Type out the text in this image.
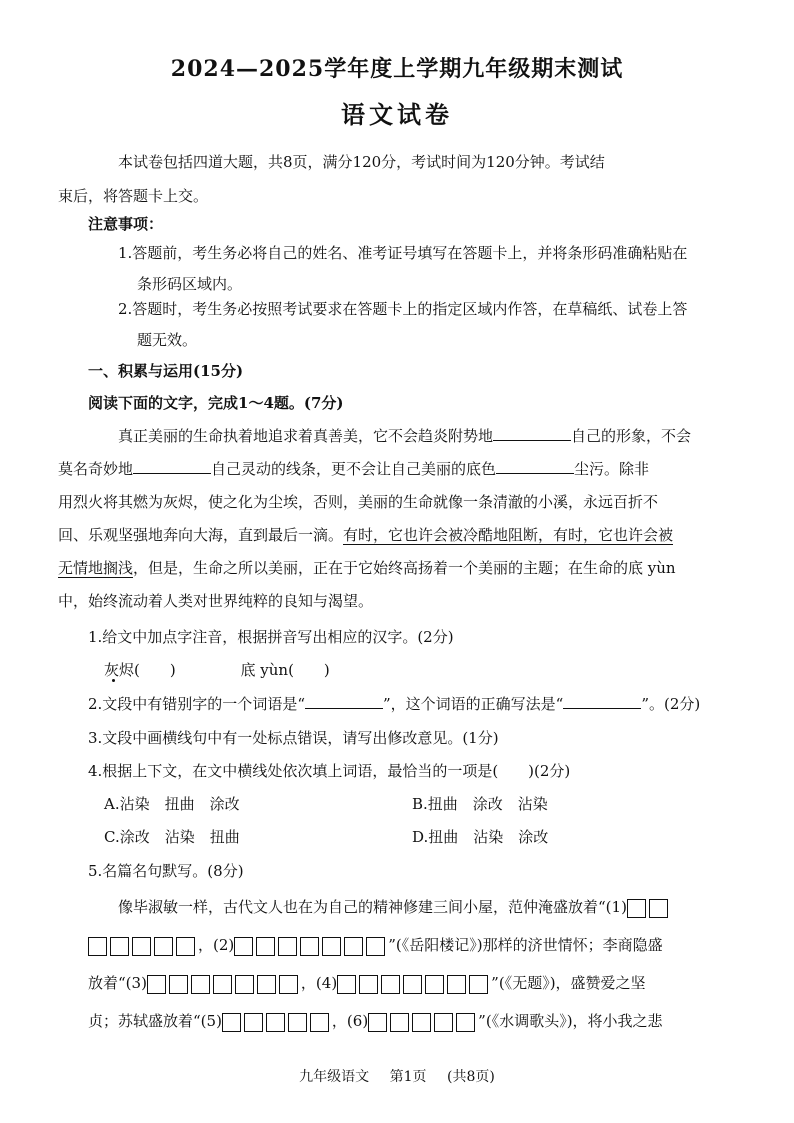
2024—2025学年度上学期九年级期末测试
语文试卷
本试卷包括四道大题，共8页，满分120分，考试时间为120分钟。考试结
束后，将答题卡上交。
注意事项：
1.答题前，考生务必将自己的姓名、准考证号填写在答题卡上，并将条形码准确粘贴在
条形码区域内。
2.答题时，考生务必按照考试要求在答题卡上的指定区域内作答，在草稿纸、试卷上答
题无效。
一、积累与运用(15分)
阅读下面的文字，完成1～4题。(7分)
真正美丽的生命执着地追求着真善美，它不会趋炎附势地	自己的形象，不会
莫名奇妙地	自己灵动的线条，更不会让自己美丽的底色	尘污。除非
用烈火将其燃为灰烬，使之化为尘埃，否则，美丽的生命就像一条清澈的小溪，永远百折不
回、乐观坚强地奔向大海，直到最后一滴。有时，它也许会被冷酷地阻断，有时，它也许会被
无情地搁浅，但是，生命之所以美丽，正在于它始终高扬着一个美丽的主题；在生命的底 yùn
中，始终流动着人类对世界纯粹的良知与渴望。
1.给文中加点字注音，根据拼音写出相应的汉字。(2分)
灰烬(　　)	底 yùn(　　)
2.文段中有错别字的一个词语是“	”，这个词语的正确写法是“	”。(2分)
3.文段中画横线句中有一处标点错误，请写出修改意见。(1分)
4.根据上下文，在文中横线处依次填上词语，最恰当的一项是(　　)(2分)
A.沾染　扭曲　涂改	B.扭曲　涂改　沾染
C.涂改　沾染　扭曲	D.扭曲　沾染　涂改
5.名篇名句默写。(8分)
像毕淑敏一样，古代文人也在为自己的精神修建三间小屋，范仲淹盛放着“(1)
，(2)	”(《岳阳楼记》)那样的济世情怀；李商隐盛
放着“(3)	，(4)	”(《无题》)，盛赞爱之坚
贞；苏轼盛放着“(5)	，(6)	”(《水调歌头》)，将小我之悲
九年级语文 第1页 (共8页)
